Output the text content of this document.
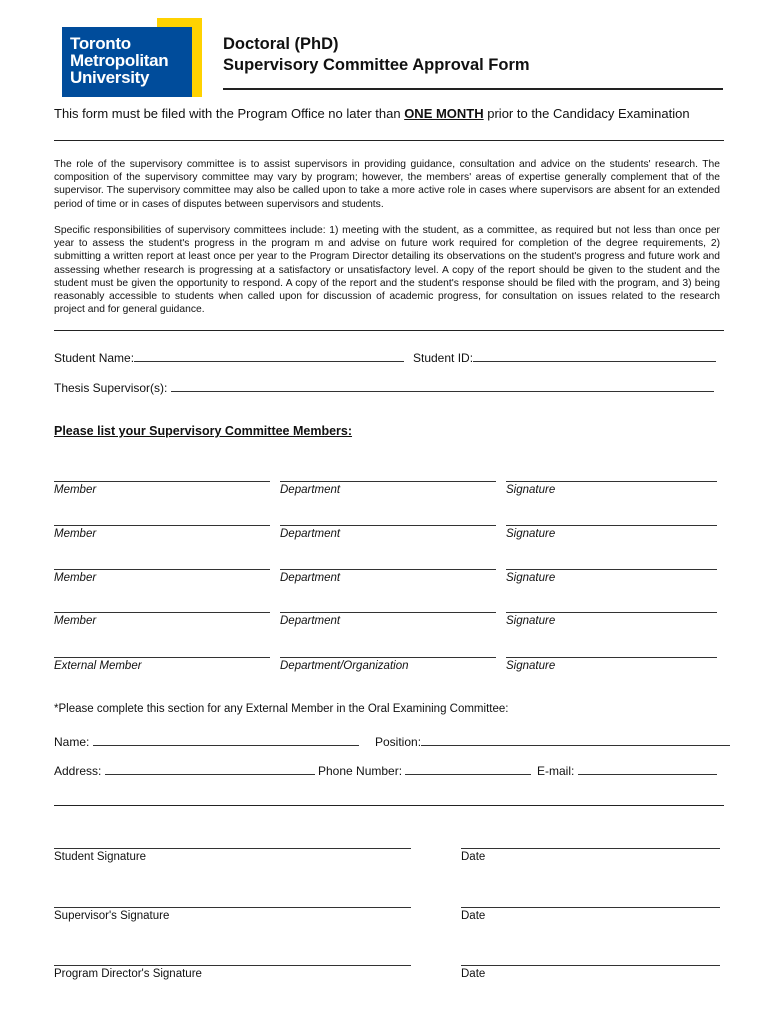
Toronto
Metropolitan
University
Doctoral (PhD)
Supervisory Committee Approval Form
This form must be filed with the Program Office no later than ONE MONTH prior to the Candidacy Examination
The role of the supervisory committee is to assist supervisors in providing guidance, consultation and advice on the students' research. The composition of the supervisory committee may vary by program; however, the members' areas of expertise generally complement that of the supervisor. The supervisory committee may also be called upon to take a more active role in cases where supervisors are absent for an extended period of time or in cases of disputes between supervisors and students.
Specific responsibilities of supervisory committees include: 1) meeting with the student, as a committee, as required but not less than once per year to assess the student's progress in the program m and advise on future work required for completion of the degree requirements, 2) submitting a written report at least once per year to the Program Director detailing its observations on the student's progress and future work and assessing whether research is progressing at a satisfactory or unsatisfactory level. A copy of the report should be given to the student and the student must be given the opportunity to respond. A copy of the report and the student's response should be filed with the program, and 3) being reasonably accessible to students when called upon for discussion of academic progress, for consultation on issues related to the research project and for general guidance.
Student Name:	Student ID:
Thesis Supervisor(s):
Please list your Supervisory Committee Members:
Member	Department	Signature
Member	Department	Signature
Member	Department	Signature
Member	Department	Signature
External Member	Department/Organization	Signature
*Please complete this section for any External Member in the Oral Examining Committee:
Name:	Position:
Address:	Phone Number:	E-mail:
Student Signature	Date
Supervisor's Signature	Date
Program Director's Signature	Date
